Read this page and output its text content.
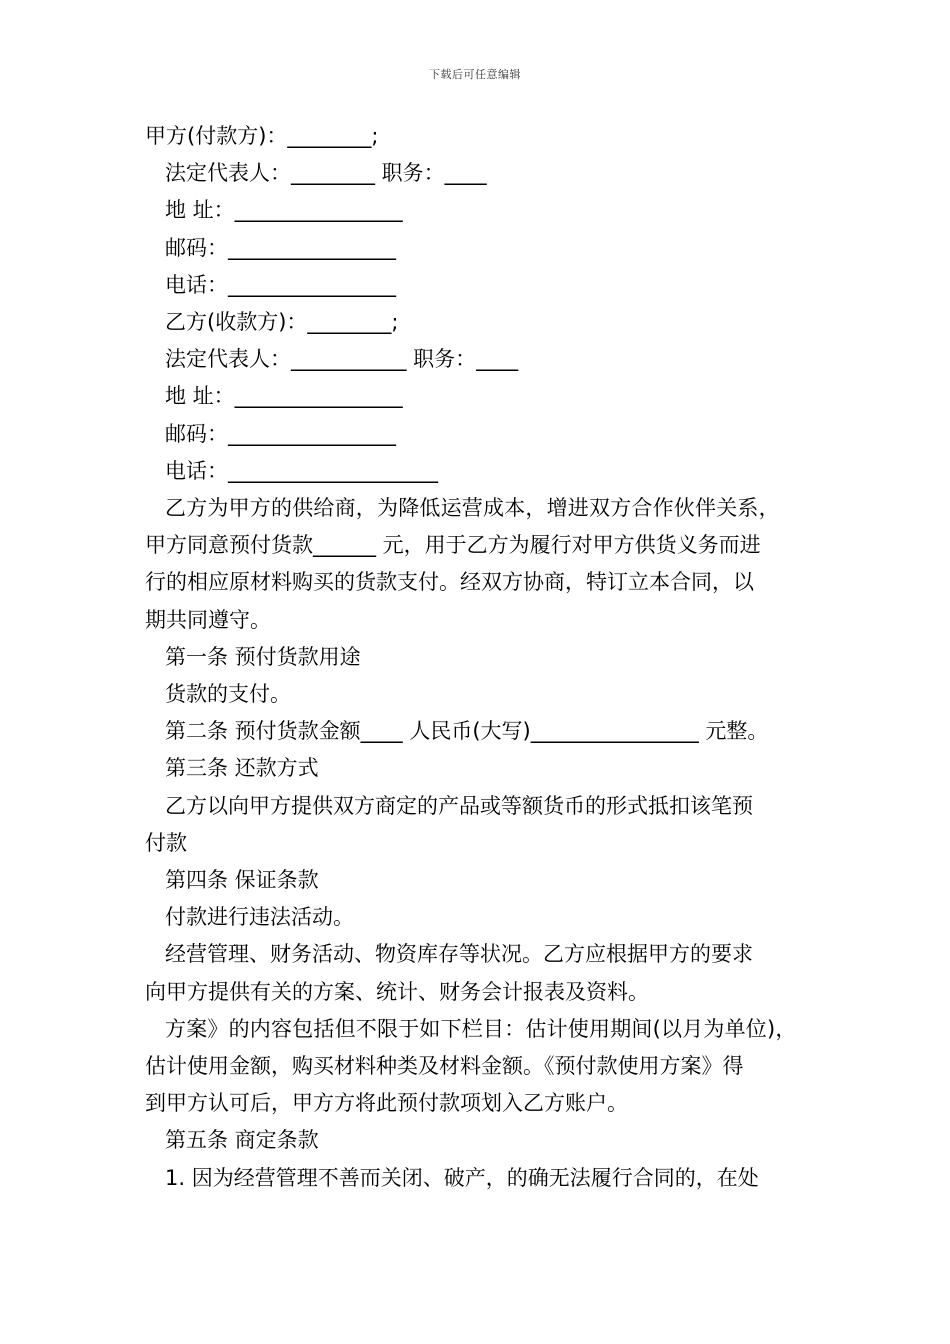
下载后可任意编辑

甲方(付款方)：________;

法定代表人：________ 职务：____

地 址：________________

邮码：________________

电话：________________

乙方(收款方)：________;

法定代表人：___________ 职务：____

地 址：________________

邮码：________________

电话：____________________

乙方为甲方的供给商，为降低运营成本，增进双方合作伙伴关系，

甲方同意预付货款______ 元，用于乙方为履行对甲方供货义务而进

行的相应原材料购买的货款支付。经双方协商，特订立本合同，以

期共同遵守。

第一条 预付货款用途

货款的支付。

第二条 预付货款金额____ 人民币(大写)________________ 元整。

第三条 还款方式

乙方以向甲方提供双方商定的产品或等额货币的形式抵扣该笔预

付款

第四条 保证条款

付款进行违法活动。

经营管理、财务活动、物资库存等状况。乙方应根据甲方的要求

向甲方提供有关的方案、统计、财务会计报表及资料。

方案》的内容包括但不限于如下栏目：估计使用期间(以月为单位)，

估计使用金额，购买材料种类及材料金额。《预付款使用方案》得

到甲方认可后，甲方方将此预付款项划入乙方账户。

第五条 商定条款

1. 因为经营管理不善而关闭、破产，的确无法履行合同的，在处
